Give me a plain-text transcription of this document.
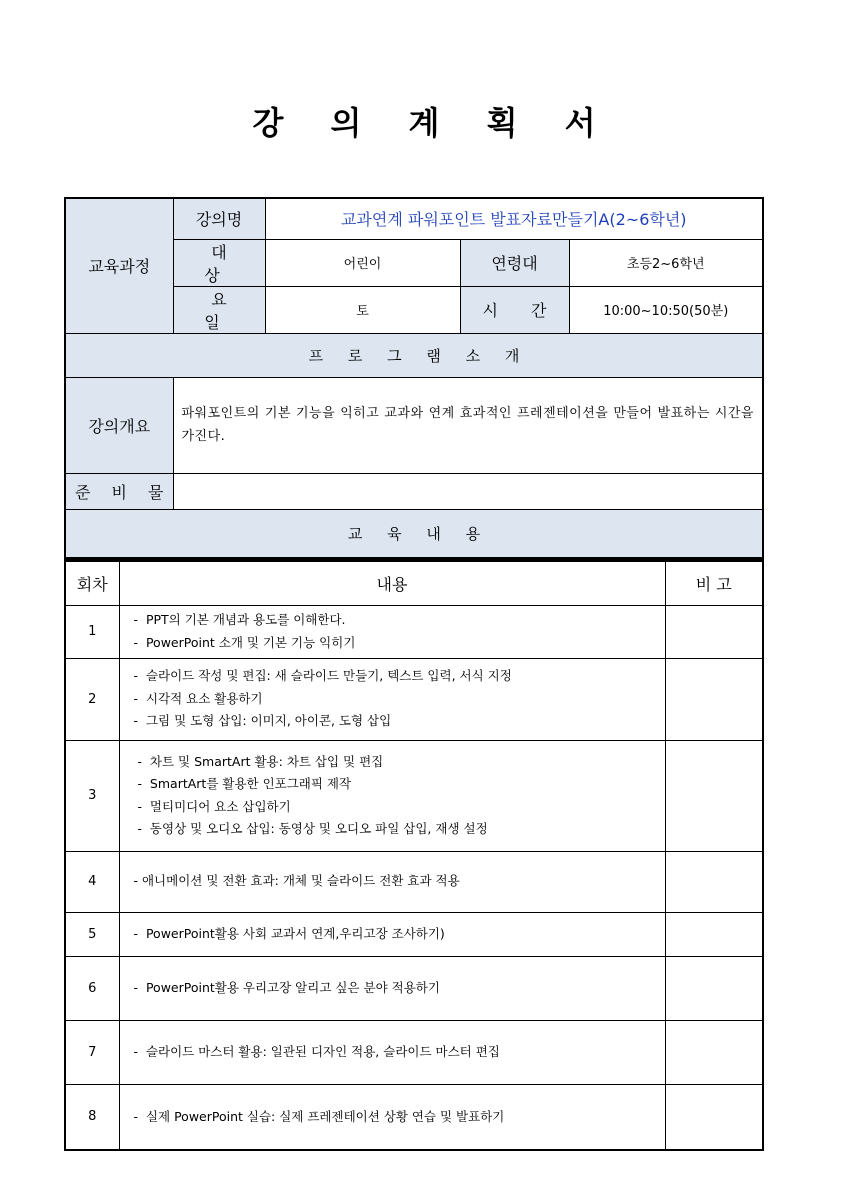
강 의 계 획 서
교육과정	강의명	교과연계 파워포인트 발표자료만들기A(2~6학년)		
	대 상	어린이	연령대	초등2~6학년
	요 일	토	시 간	10:00~10:50(50분)
프 로 그 램 소 개				
강의개요	파워포인트의 기본 기능을 익히고 교과와 연계 효과적인 프레젠테이션을 만들어 발표하는 시간을 가진다.			
준 비 물				
교 육 내 용				
회차	내용	비 고
1	-  PPT의 기본 개념과 용도를 이해한다.
-  PowerPoint 소개 및 기본 기능 익히기	

2	-  슬라이드 작성 및 편집: 새 슬라이드 만들기, 텍스트 입력, 서식 지정
-  시각적 요소 활용하기
-  그림 및 도형 삽입: 이미지, 아이콘, 도형 삽입	

3	-  차트 및 SmartArt 활용: 차트 삽입 및 편집
-  SmartArt를 활용한 인포그래픽 제작
-  멀티미디어 요소 삽입하기
-  동영상 및 오디오 삽입: 동영상 및 오디오 파일 삽입, 재생 설정	

4	- 애니메이션 및 전환 효과: 개체 및 슬라이드 전환 효과 적용	

5	-  PowerPoint활용 사회 교과서 연계,우리고장 조사하기)	

6	-  PowerPoint활용 우리고장 알리고 싶은 분야 적용하기	

7	-  슬라이드 마스터 활용: 일관된 디자인 적용, 슬라이드 마스터 편집	

8	-  실제 PowerPoint 실습: 실제 프레젠테이션 상황 연습 및 발표하기	
